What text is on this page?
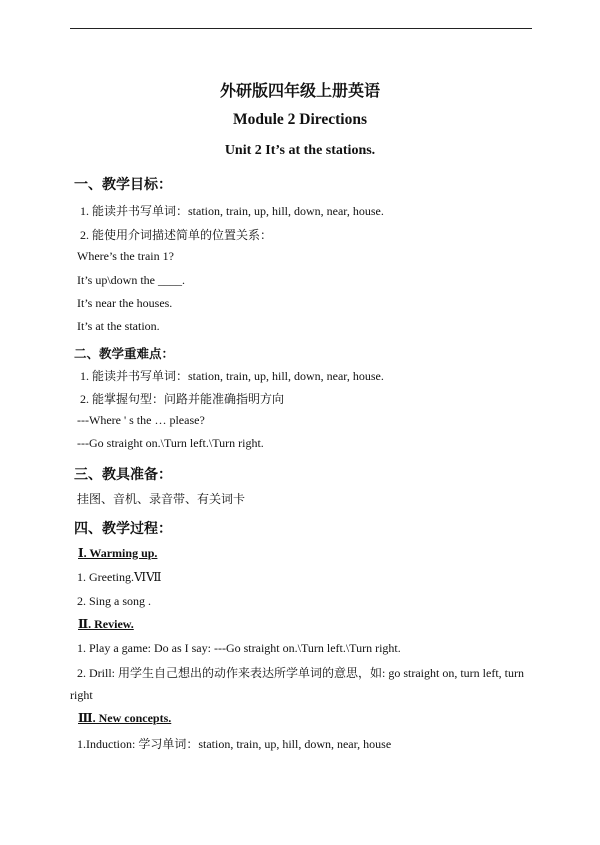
外研版四年级上册英语
Module 2 Directions
Unit 2 It’s at the stations.
一、教学目标：
1. 能读并书写单词：station, train, up, hill, down, near, house.
2. 能使用介词描述简单的位置关系：
Where’s the train 1?
It’s up\down the ____.
It’s near the houses.
It’s at the station.
二、教学重难点：
1. 能读并书写单词：station, train, up, hill, down, near, house.
2. 能掌握句型：问路并能准确指明方向
---Where ' s the … please?
---Go straight on.\Turn left.\Turn right.
三、教具准备：
挂图、音机、录音带、有关词卡
四、教学过程：
Ⅰ. Warming up.
1. Greeting.ⅥⅦ
2. Sing a song .
Ⅱ. Review.
1. Play a game: Do as I say: ---Go straight on.\Turn left.\Turn right.
2. Drill: 用学生自己想出的动作来表达所学单词的意思，如: go straight on, turn left, turn
right
Ⅲ. New concepts.
1.Induction: 学习单词：station, train, up, hill, down, near, house
